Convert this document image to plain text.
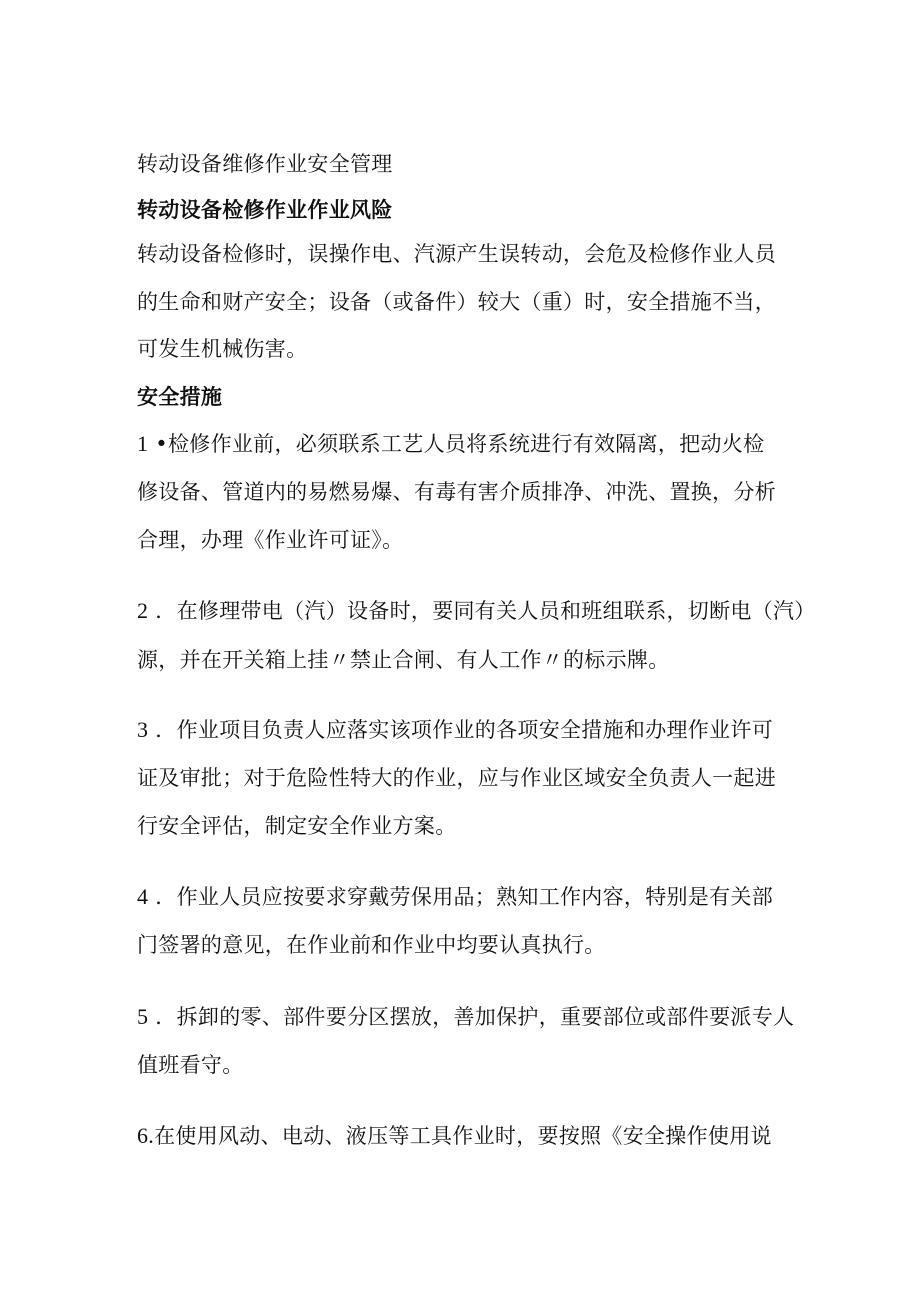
转动设备维修作业安全管理
转动设备检修作业作业风险
转动设备检修时，误操作电、汽源产生误转动，会危及检修作业人员
的生命和财产安全；设备（或备件）较大（重）时，安全措施不当，
可发生机械伤害。
安全措施
1 •检修作业前，必须联系工艺人员将系统进行有效隔离，把动火检
修设备、管道内的易燃易爆、有毒有害介质排净、冲洗、置换，分析
合理，办理《作业许可证》。
2 ．在修理带电（汽）设备时，要同有关人员和班组联系，切断电（汽）
源，并在开关箱上挂〃禁止合闸、有人工作〃的标示牌。
3 ．作业项目负责人应落实该项作业的各项安全措施和办理作业许可
证及审批；对于危险性特大的作业，应与作业区域安全负责人一起进
行安全评估，制定安全作业方案。
4 ．作业人员应按要求穿戴劳保用品；熟知工作内容，特别是有关部
门签署的意见，在作业前和作业中均要认真执行。
5 ．拆卸的零、部件要分区摆放，善加保护，重要部位或部件要派专人
值班看守。
6.在使用风动、电动、液压等工具作业时，要按照《安全操作使用说
